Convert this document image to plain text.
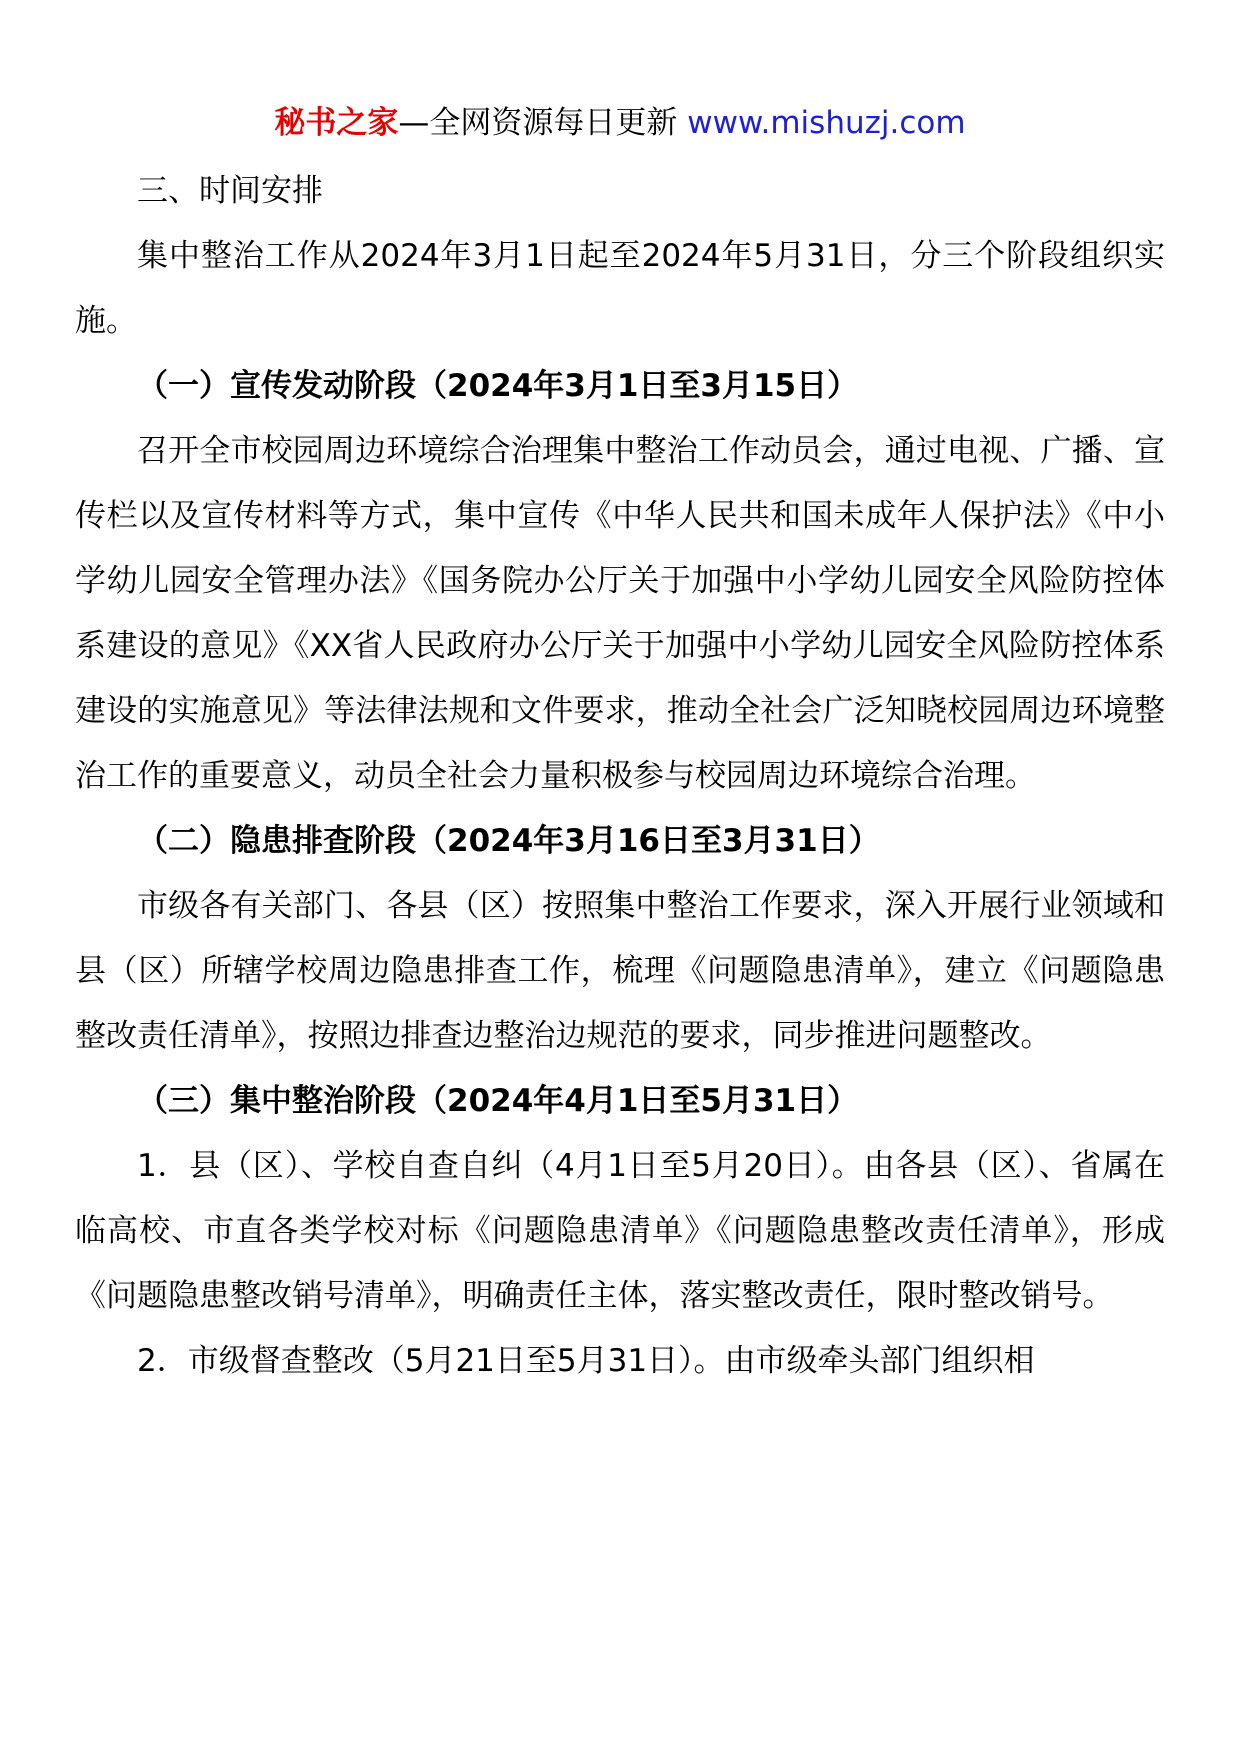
秘书之家—全网资源每日更新 www.mishuzj.com

三、时间安排

集中整治工作从2024年3月1日起至2024年5月31日，分三个阶段组织实施。

（一）宣传发动阶段（2024年3月1日至3月15日）

召开全市校园周边环境综合治理集中整治工作动员会，通过电视、广播、宣传栏以及宣传材料等方式，集中宣传《中华人民共和国未成年人保护法》《中小学幼儿园安全管理办法》《国务院办公厅关于加强中小学幼儿园安全风险防控体系建设的意见》《XX省人民政府办公厅关于加强中小学幼儿园安全风险防控体系建设的实施意见》等法律法规和文件要求，推动全社会广泛知晓校园周边环境整治工作的重要意义，动员全社会力量积极参与校园周边环境综合治理。

（二）隐患排查阶段（2024年3月16日至3月31日）

市级各有关部门、各县（区）按照集中整治工作要求，深入开展行业领域和县（区）所辖学校周边隐患排查工作，梳理《问题隐患清单》，建立《问题隐患整改责任清单》，按照边排查边整治边规范的要求，同步推进问题整改。

（三）集中整治阶段（2024年4月1日至5月31日）

1．县（区）、学校自查自纠（4月1日至5月20日）。由各县（区）、省属在临高校、市直各类学校对标《问题隐患清单》《问题隐患整改责任清单》，形成《问题隐患整改销号清单》，明确责任主体，落实整改责任，限时整改销号。

2．市级督查整改（5月21日至5月31日）。由市级牵头部门组织相
